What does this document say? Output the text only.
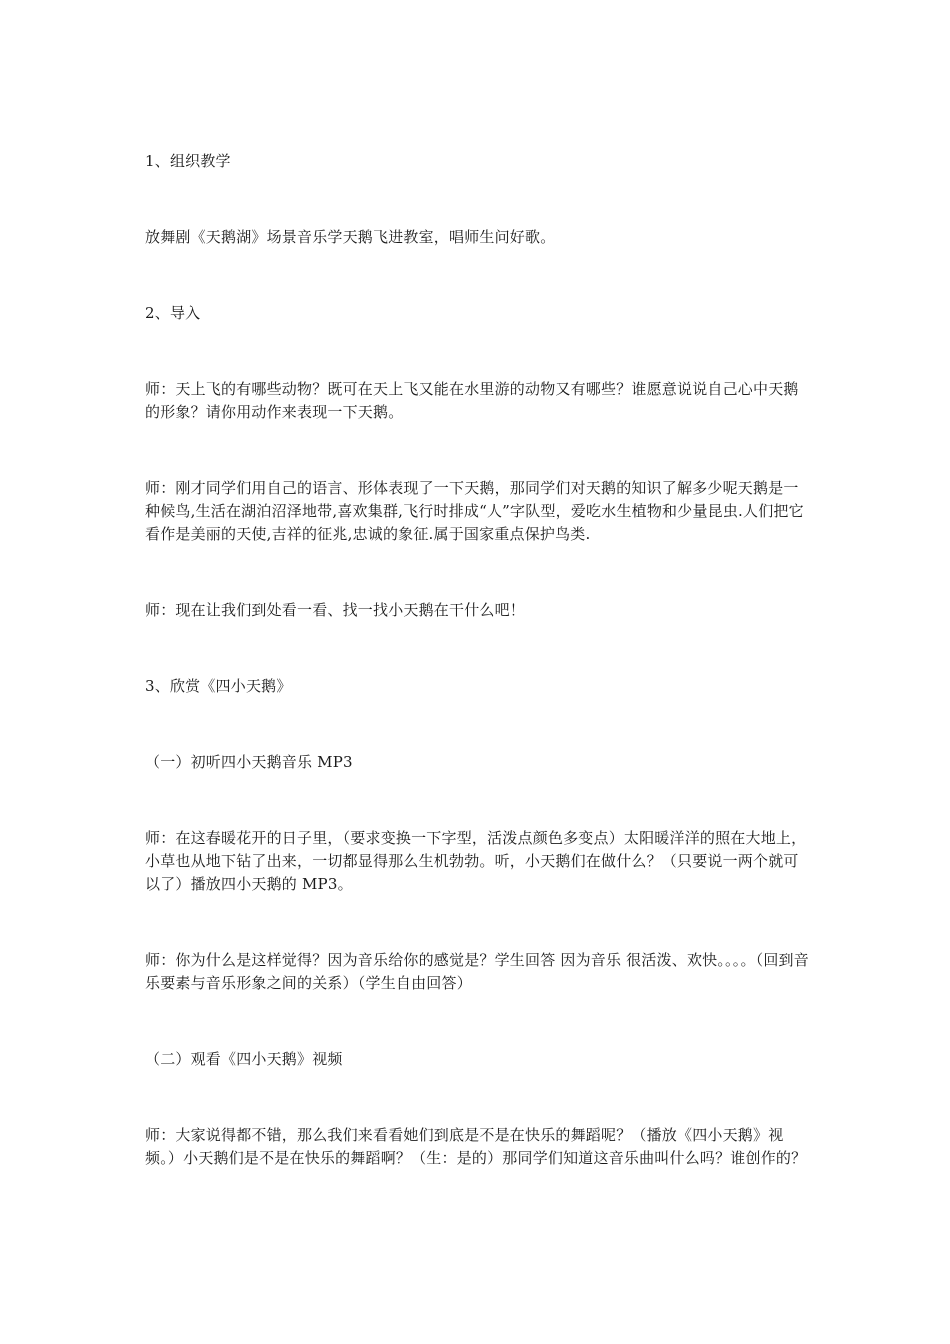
1、组织教学

放舞剧《天鹅湖》场景音乐学天鹅飞进教室，唱师生问好歌。

2、导入

师：天上飞的有哪些动物？既可在天上飞又能在水里游的动物又有哪些？谁愿意说说自己心中天鹅的形象？请你用动作来表现一下天鹅。

师：刚才同学们用自己的语言、形体表现了一下天鹅，那同学们对天鹅的知识了解多少呢天鹅是一种候鸟,生活在湖泊沼泽地带,喜欢集群,飞行时排成“人”字队型，爱吃水生植物和少量昆虫.人们把它看作是美丽的天使,吉祥的征兆,忠诚的象征.属于国家重点保护鸟类.

师：现在让我们到处看一看、找一找小天鹅在干什么吧！

3、欣赏《四小天鹅》

（一）初听四小天鹅音乐 MP3

师：在这春暖花开的日子里，（要求变换一下字型，活泼点颜色多变点）太阳暖洋洋的照在大地上，小草也从地下钻了出来，一切都显得那么生机勃勃。听，小天鹅们在做什么？（只要说一两个就可以了）播放四小天鹅的 MP3。

师：你为什么是这样觉得？因为音乐给你的感觉是？学生回答 因为音乐 很活泼、欢快。。。。（回到音乐要素与音乐形象之间的关系）（学生自由回答）

（二）观看《四小天鹅》视频

师：大家说得都不错，那么我们来看看她们到底是不是在快乐的舞蹈呢？（播放《四小天鹅》视频。）小天鹅们是不是在快乐的舞蹈啊？（生：是的）那同学们知道这音乐曲叫什么吗？谁创作的？
